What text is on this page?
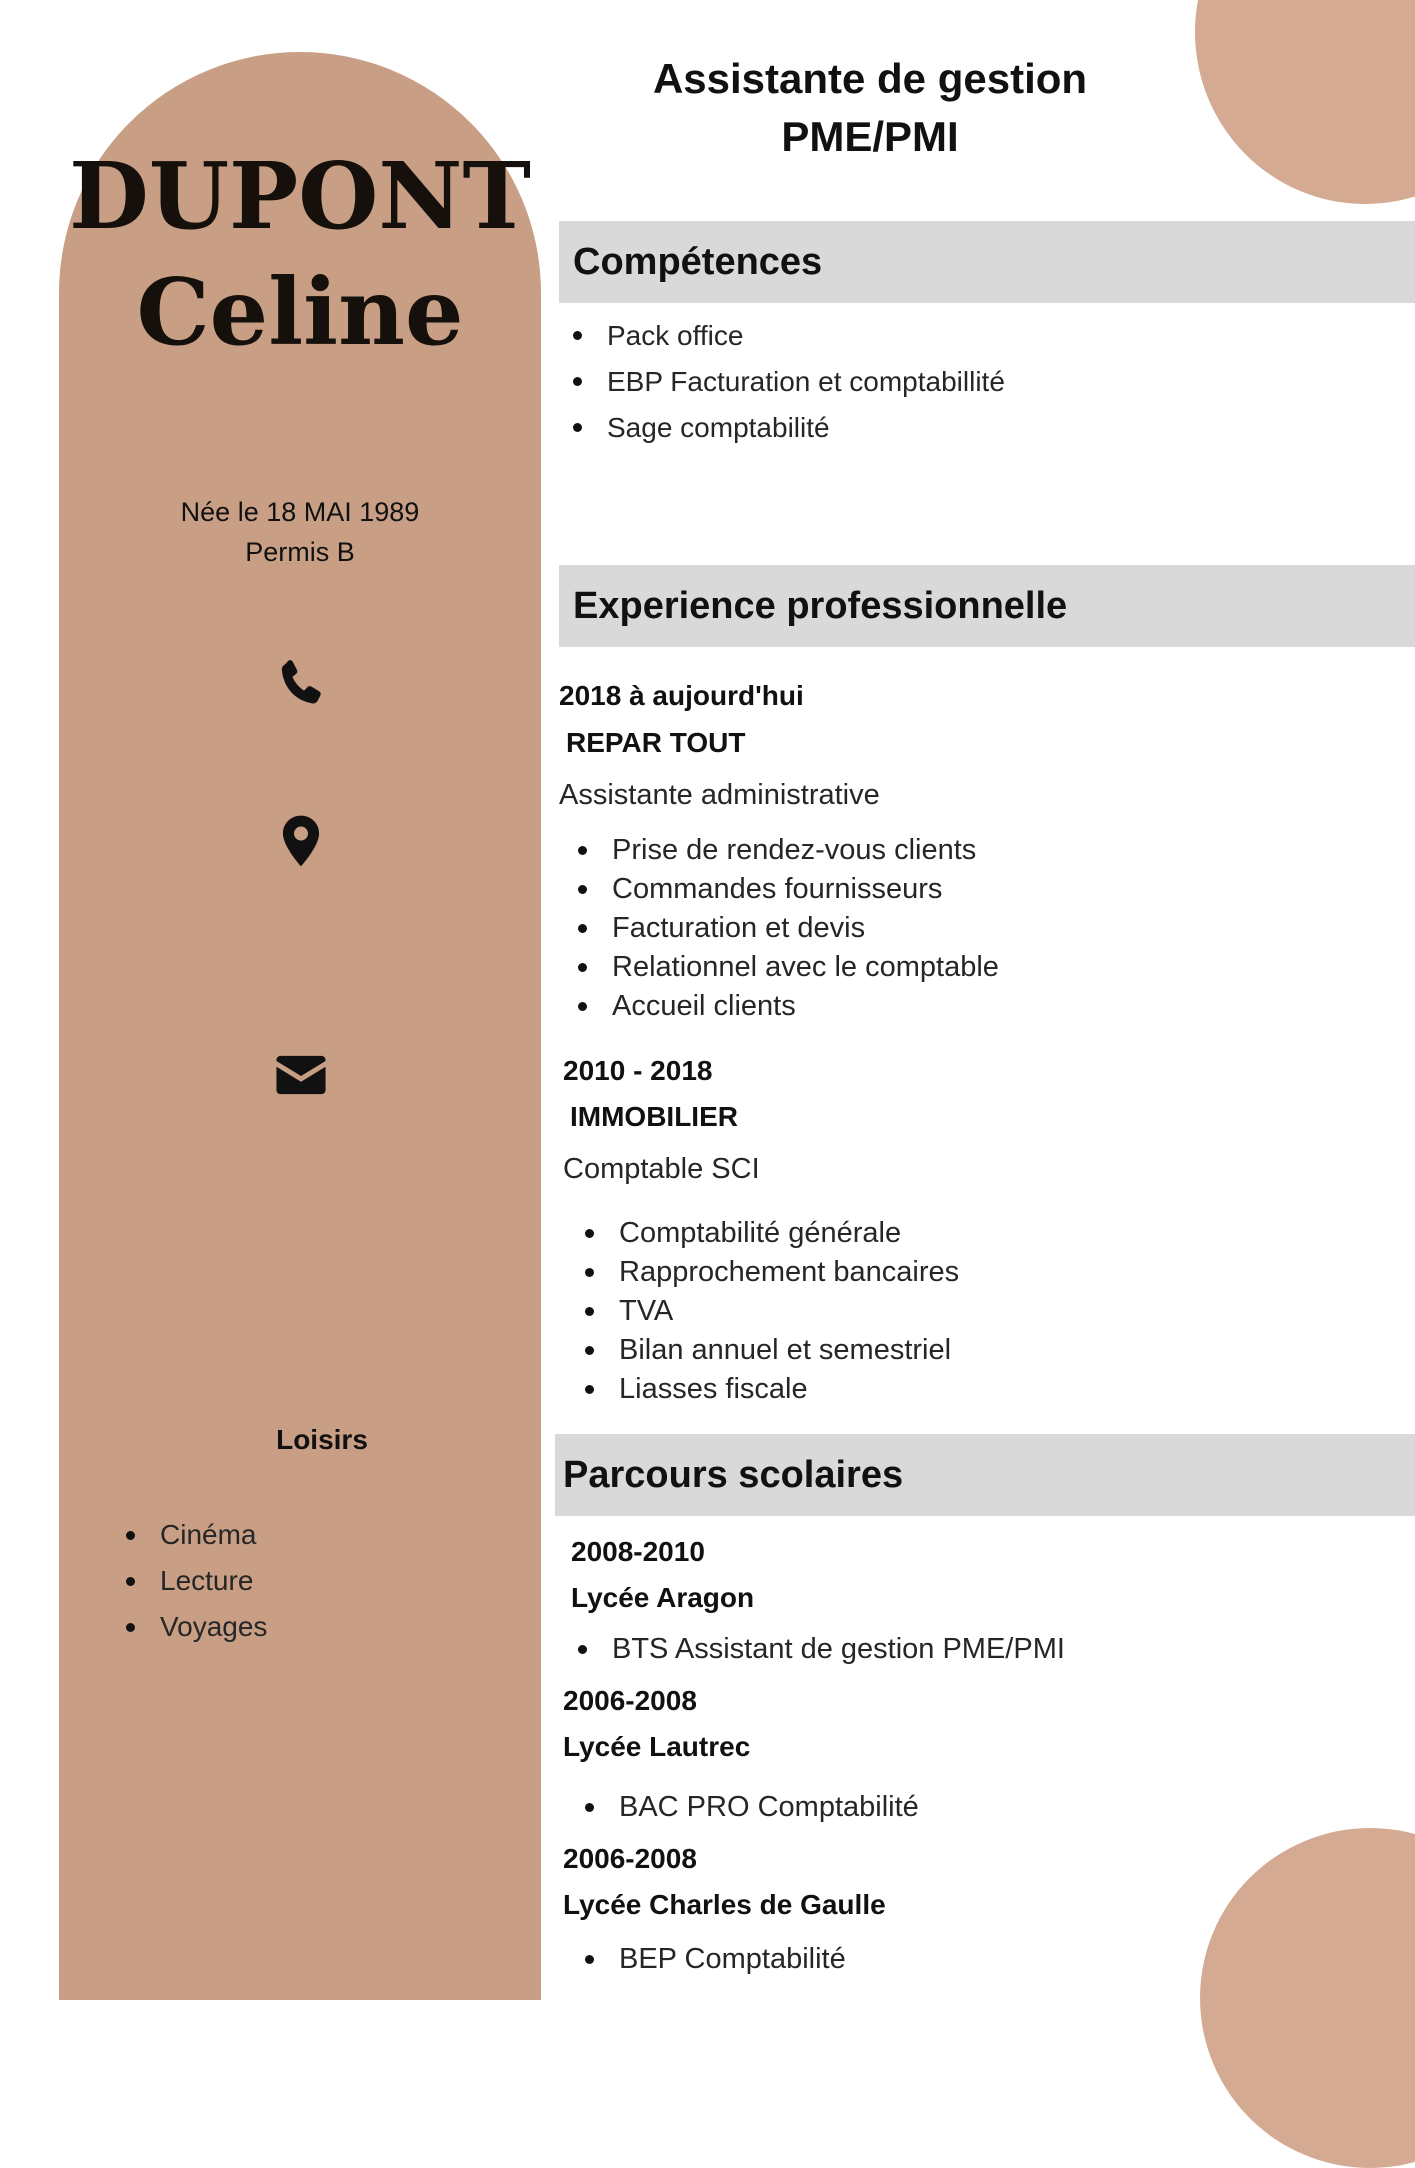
DUPONT
Celine
Née le 18 MAI 1989
Permis B
Loisirs
Cinéma
Lecture
Voyages
Assistante de gestion
PME/PMI
Compétences
Pack office
EBP Facturation et comptabillité
Sage comptabilité
Experience professionnelle
2018 à aujourd'hui
REPAR TOUT
Assistante administrative
Prise de rendez-vous clients
Commandes fournisseurs
Facturation et devis
Relationnel avec le comptable
Accueil clients
2010 - 2018
IMMOBILIER
Comptable SCI
Comptabilité générale
Rapprochement bancaires
TVA
Bilan annuel et semestriel
Liasses fiscale
Parcours scolaires
2008-2010
Lycée Aragon
BTS Assistant de gestion PME/PMI
2006-2008
Lycée Lautrec
BAC PRO Comptabilité
2006-2008
Lycée Charles de Gaulle
BEP Comptabilité
